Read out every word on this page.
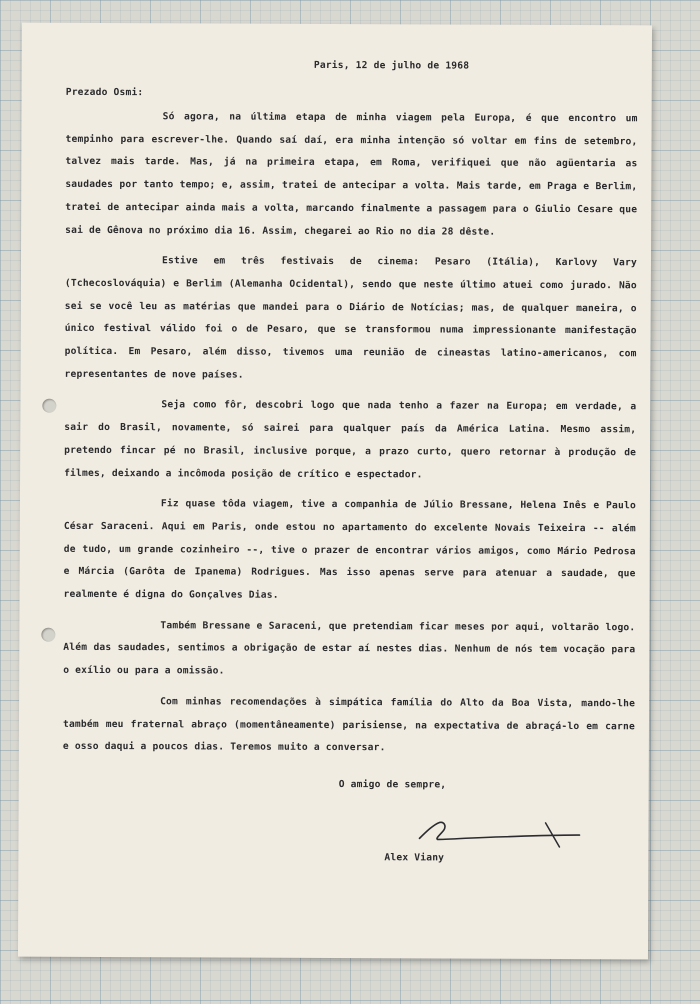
Paris, 12 de julho de 1968
Prezado Osmi:

Só agora, na última etapa de minha viagem pela Europa, é que encontro um tempinho para escrever-lhe. Quando saí daí, era minha intenção só voltar em fins de setembro, talvez mais tarde. Mas, já na primeira etapa, em Roma, verifiquei que não agüentaria as saudades por tanto tempo; e, assim, tratei de antecipar a volta. Mais tarde, em Praga e Berlim, tratei de antecipar ainda mais a volta, marcando finalmente a passagem para o Giulio Cesare que sai de Gênova no próximo dia 16. Assim, chegarei ao Rio no dia 28 dêste.

Estive em três festivais de cinema: Pesaro (Itália), Karlovy Vary (Tchecoslováquia) e Berlim (Alemanha Ocidental), sendo que neste último atuei como jurado. Não sei se você leu as matérias que mandei para o Diário de Notícias; mas, de qualquer maneira, o único festival válido foi o de Pesaro, que se transformou numa impressionante manifestação política. Em Pesaro, além disso, tivemos uma reunião de cineastas latino-americanos, com representantes de nove países.

Seja como fôr, descobri logo que nada tenho a fazer na Europa; em verdade, a sair do Brasil, novamente, só sairei para qualquer país da América Latina. Mesmo assim, pretendo fincar pé no Brasil, inclusive porque, a prazo curto, quero retornar à produção de filmes, deixando a incômoda posição de crítico e espectador.

Fiz quase tôda viagem, tive a companhia de Júlio Bressane, Helena Inês e Paulo César Saraceni. Aqui em Paris, onde estou no apartamento do excelente Novais Teixeira -- além de tudo, um grande cozinheiro --, tive o prazer de encontrar vários amigos, como Mário Pedrosa e Márcia (Garôta de Ipanema) Rodrigues. Mas isso apenas serve para atenuar a saudade, que realmente é digna do Gonçalves Dias.

Também Bressane e Saraceni, que pretendiam ficar meses por aqui, voltarão logo. Além das saudades, sentimos a obrigação de estar aí nestes dias. Nenhum de nós tem vocação para o exílio ou para a omissão.

Com minhas recomendações à simpática família do Alto da Boa Vista, mando-lhe também meu fraternal abraço (momentâneamente) parisiense, na expectativa de abraçá-lo em carne e osso daqui a poucos dias. Teremos muito a conversar.

O amigo de sempre,
Alex Viany
